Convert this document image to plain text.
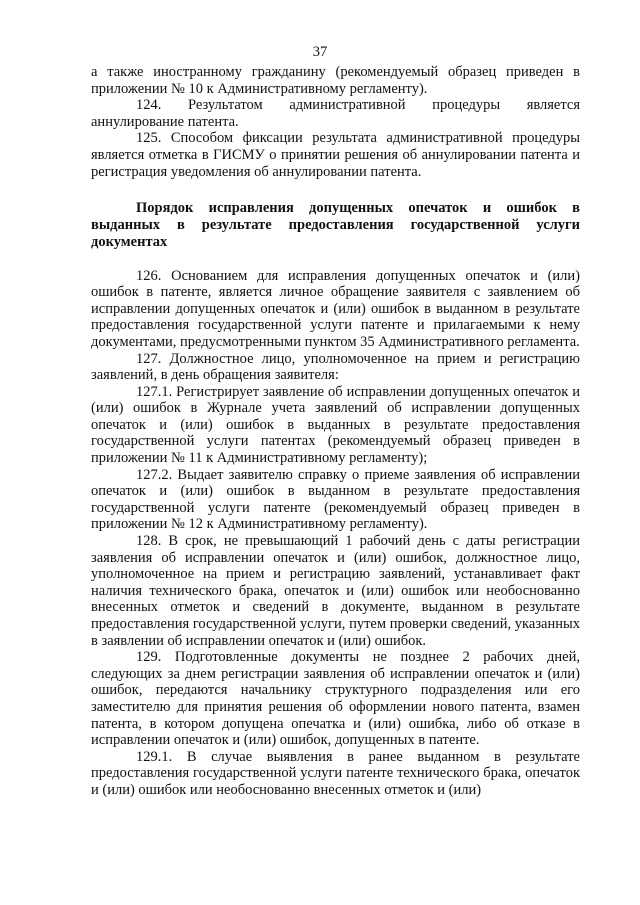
37

а также иностранному гражданину (рекомендуемый образец приведен в приложении № 10 к Административному регламенту).

124. Результатом административной процедуры является аннулирование патента.

125. Способом фиксации результата административной процедуры является отметка в ГИСМУ о принятии решения об аннулировании патента и регистрация уведомления об аннулировании патента.

Порядок исправления допущенных опечаток и ошибок в выданных в результате предоставления государственной услуги документах

126. Основанием для исправления допущенных опечаток и (или) ошибок в патенте, является личное обращение заявителя с заявлением об исправлении допущенных опечаток и (или) ошибок в выданном в результате предоставления государственной услуги патенте и прилагаемыми к нему документами, предусмотренными пунктом 35 Административного регламента.

127. Должностное лицо, уполномоченное на прием и регистрацию заявлений, в день обращения заявителя:

127.1. Регистрирует заявление об исправлении допущенных опечаток и (или) ошибок в Журнале учета заявлений об исправлении допущенных опечаток и (или) ошибок в выданных в результате предоставления государственной услуги патентах (рекомендуемый образец приведен в приложении № 11 к Административному регламенту);

127.2. Выдает заявителю справку о приеме заявления об исправлении опечаток и (или) ошибок в выданном в результате предоставления государственной услуги патенте (рекомендуемый образец приведен в приложении № 12 к Административному регламенту).

128. В срок, не превышающий 1 рабочий день с даты регистрации заявления об исправлении опечаток и (или) ошибок, должностное лицо, уполномоченное на прием и регистрацию заявлений, устанавливает факт наличия технического брака, опечаток и (или) ошибок или необоснованно внесенных отметок и сведений в документе, выданном в результате предоставления государственной услуги, путем проверки сведений, указанных в заявлении об исправлении опечаток и (или) ошибок.

129. Подготовленные документы не позднее 2 рабочих дней, следующих за днем регистрации заявления об исправлении опечаток и (или) ошибок, передаются начальнику структурного подразделения или его заместителю для принятия решения об оформлении нового патента, взамен патента, в котором допущена опечатка и (или) ошибка, либо об отказе в исправлении опечаток и (или) ошибок, допущенных в патенте.

129.1. В случае выявления в ранее выданном в результате предоставления государственной услуги патенте технического брака, опечаток и (или) ошибок или необоснованно внесенных отметок и (или)
